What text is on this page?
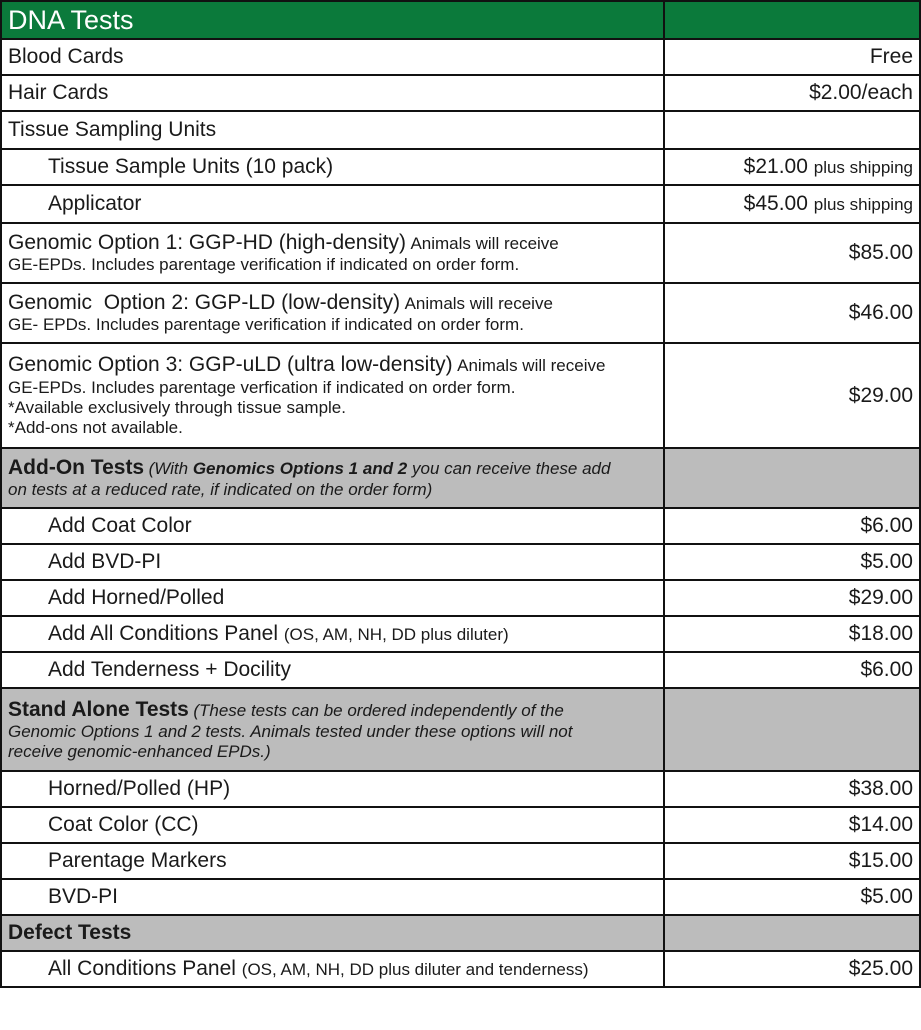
DNA Tests	
Blood Cards	Free
Hair Cards	$2.00/each
Tissue Sampling Units	
Tissue Sample Units (10 pack)	$21.00 plus shipping
Applicator	$45.00 plus shipping
Genomic Option 1: GGP-HD (high-density) Animals will receive
GE-EPDs. Includes parentage verification if indicated on order form.	$85.00
Genomic  Option 2: GGP-LD (low-density) Animals will receive
GE- EPDs. Includes parentage verification if indicated on order form.	$46.00
Genomic Option 3: GGP-uLD (ultra low-density) Animals will receive
GE-EPDs. Includes parentage verfication if indicated on order form.
*Available exclusively through tissue sample.
*Add-ons not available.	$29.00
Add-On Tests (With Genomics Options 1 and 2 you can receive these add
on tests at a reduced rate, if indicated on the order form)	
Add Coat Color	$6.00
Add BVD-PI	$5.00
Add Horned/Polled	$29.00
Add All Conditions Panel (OS, AM, NH, DD plus diluter)	$18.00
Add Tenderness + Docility	$6.00
Stand Alone Tests (These tests can be ordered independently of the
Genomic Options 1 and 2 tests. Animals tested under these options will not
receive genomic-enhanced EPDs.)	
Horned/Polled (HP)	$38.00
Coat Color (CC)	$14.00
Parentage Markers	$15.00
BVD-PI	$5.00
Defect Tests	
All Conditions Panel (OS, AM, NH, DD plus diluter and tenderness)	$25.00
